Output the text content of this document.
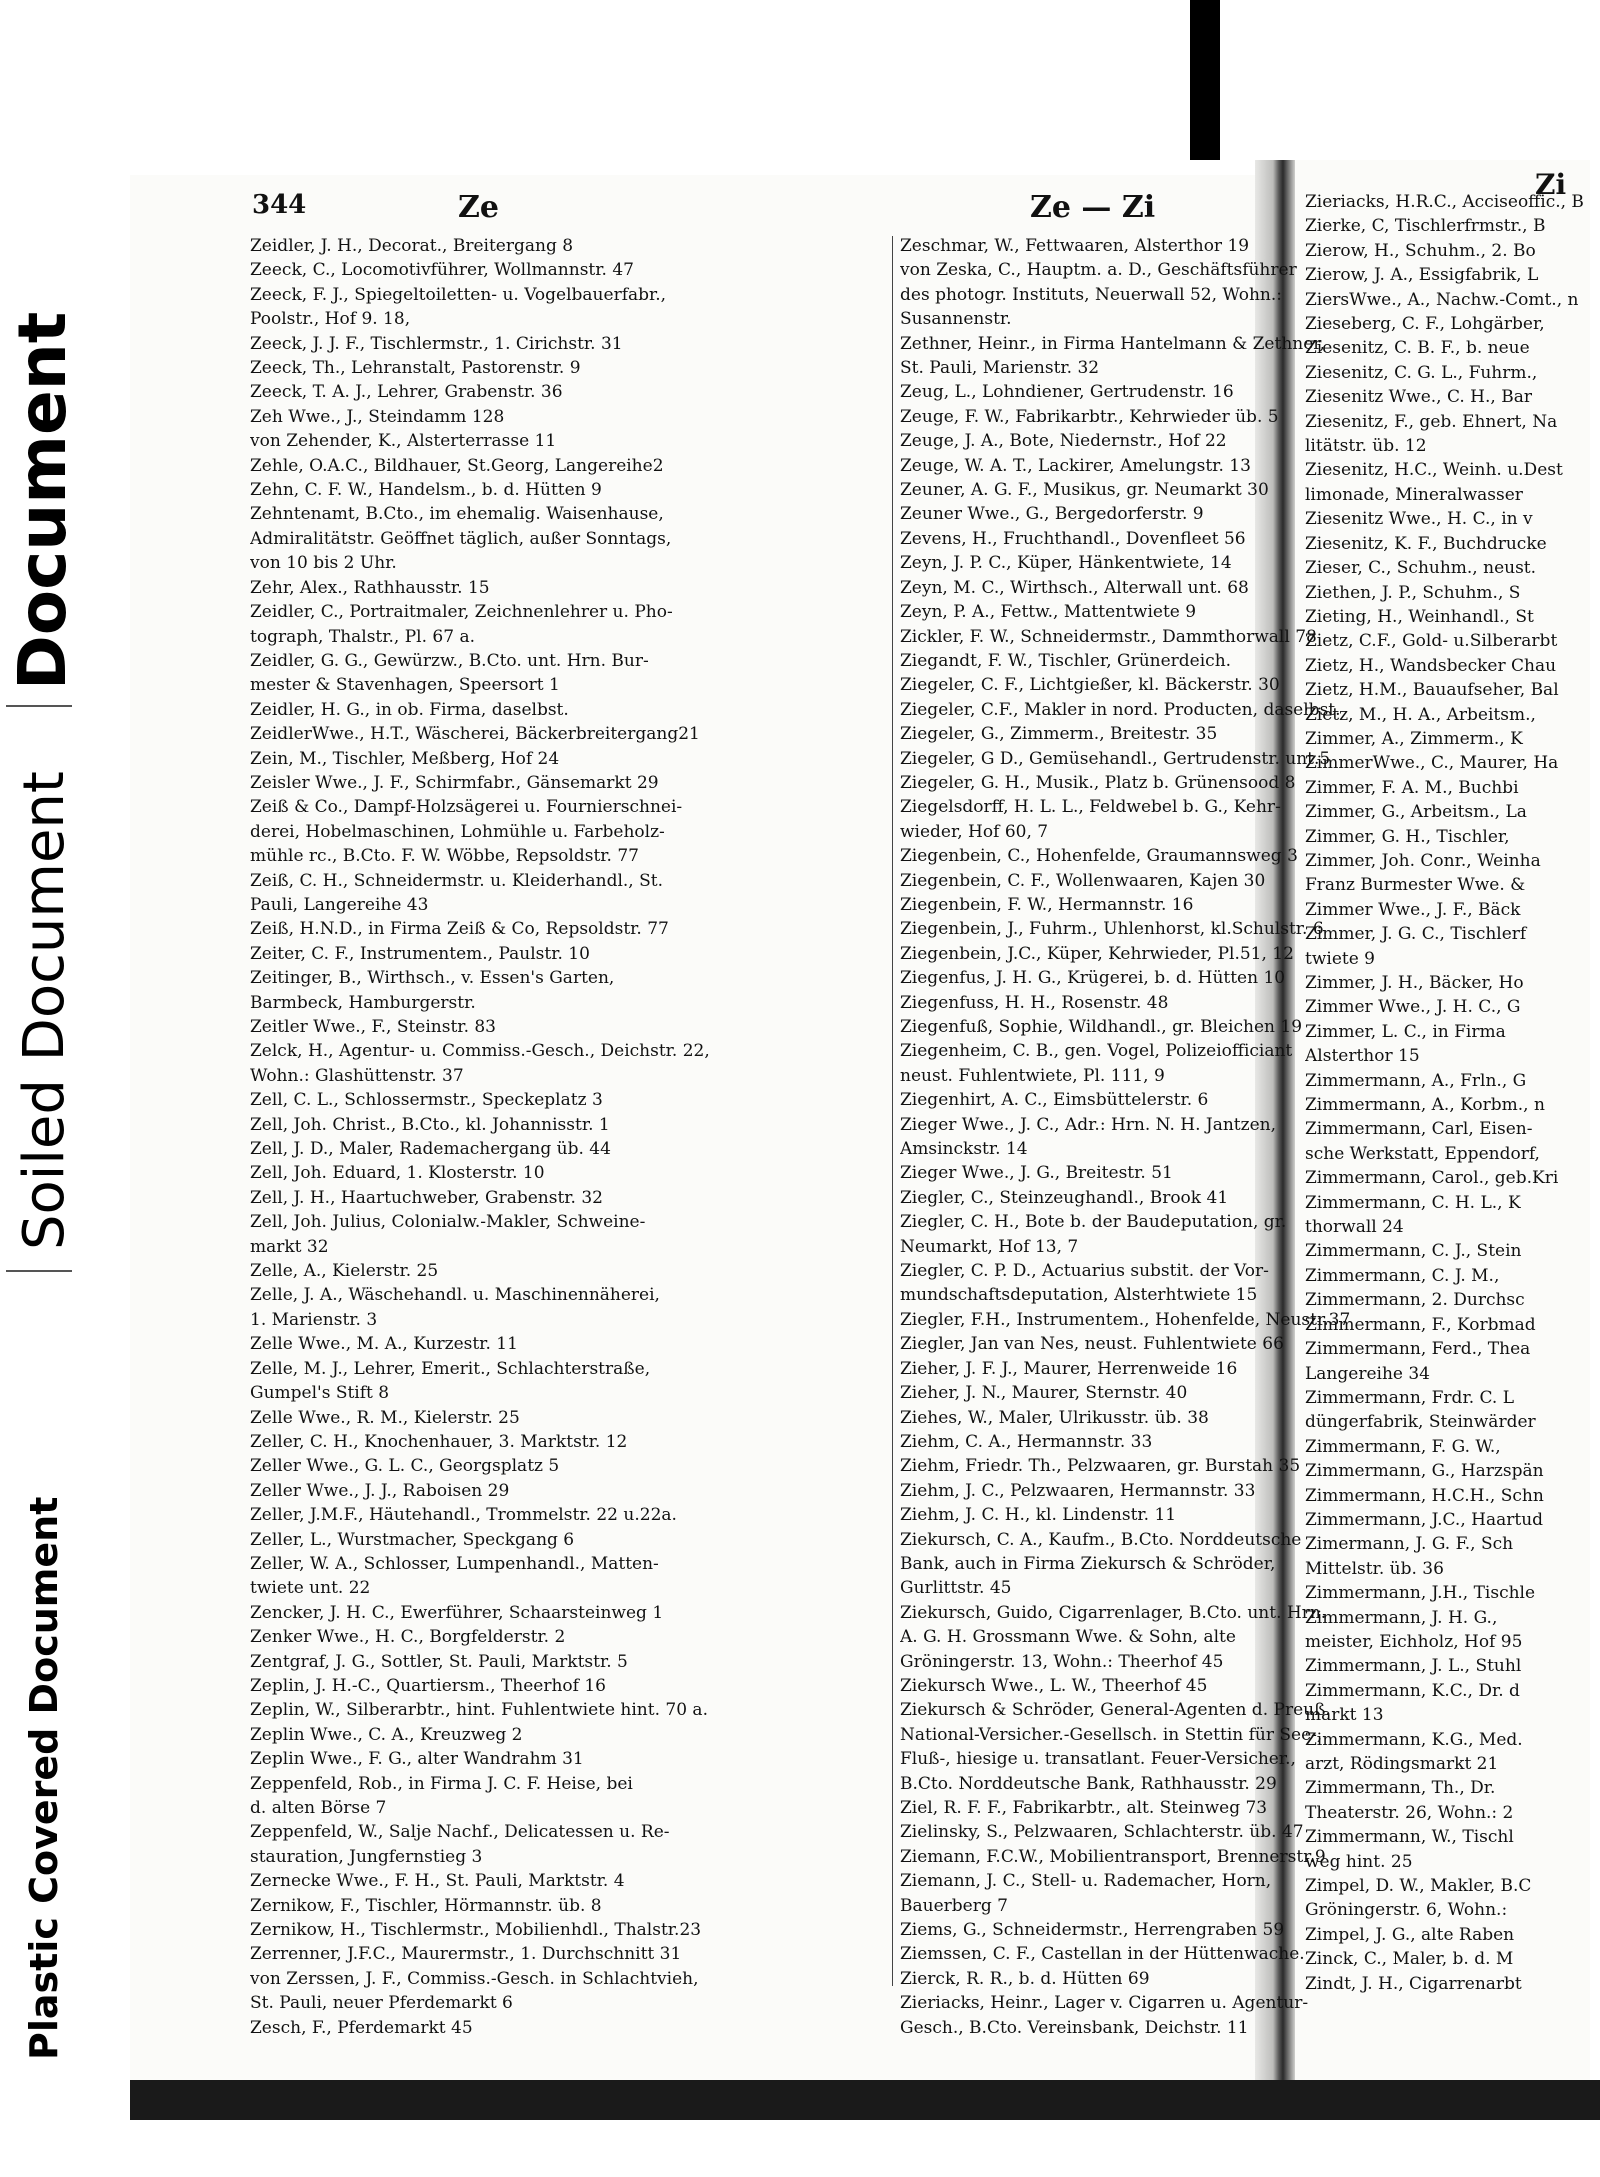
Document
Soiled Document
Plastic Covered Document
Zi
Zieriacks, H.R.C., Acciseoffic., B
Zierke, C, Tischlerfrmstr., B
Zierow, H., Schuhm., 2. Bo
Zierow, J. A., Essigfabrik, L
ZiersWwe., A., Nachw.-Comt., n
Zieseberg, C. F., Lohgärber,
Ziesenitz, C. B. F., b. neue
Ziesenitz, C. G. L., Fuhrm.,
Ziesenitz Wwe., C. H., Bar
Ziesenitz, F., geb. Ehnert, Na
litätstr. üb. 12
Ziesenitz, H.C., Weinh. u.Dest
limonade, Mineralwasser
Ziesenitz Wwe., H. C., in v
Ziesenitz, K. F., Buchdrucke
Zieser, C., Schuhm., neust.
Ziethen, J. P., Schuhm., S
Zieting, H., Weinhandl., St
Zietz, C.F., Gold- u.Silberarbt
Zietz, H., Wandsbecker Chau
Zietz, H.M., Bauaufseher, Bal
Zietz, M., H. A., Arbeitsm.,
Zimmer, A., Zimmerm., K
ZimmerWwe., C., Maurer, Ha
Zimmer, F. A. M., Buchbi
Zimmer, G., Arbeitsm., La
Zimmer, G. H., Tischler,
Zimmer, Joh. Conr., Weinha
Franz Burmester Wwe. &
Zimmer Wwe., J. F., Bäck
Zimmer, J. G. C., Tischlerf
twiete 9
Zimmer, J. H., Bäcker, Ho
Zimmer Wwe., J. H. C., G
Zimmer, L. C., in Firma
Alsterthor 15
Zimmermann, A., Frln., G
Zimmermann, A., Korbm., n
Zimmermann, Carl, Eisen-
sche Werkstatt, Eppendorf,
Zimmermann, Carol., geb.Kri
Zimmermann, C. H. L., K
thorwall 24
Zimmermann, C. J., Stein
Zimmermann, C. J. M.,
Zimmermann, 2. Durchsc
Zimmermann, F., Korbmad
Zimmermann, Ferd., Thea
Langereihe 34
Zimmermann, Frdr. C. L
düngerfabrik, Steinwärder
Zimmermann, F. G. W.,
Zimmermann, G., Harzspän
Zimmermann, H.C.H., Schn
Zimmermann, J.C., Haartud
Zimermann, J. G. F., Sch
Mittelstr. üb. 36
Zimmermann, J.H., Tischle
Zimmermann, J. H. G.,
meister, Eichholz, Hof 95
Zimmermann, J. L., Stuhl
Zimmermann, K.C., Dr. d
markt 13
Zimmermann, K.G., Med.
arzt, Rödingsmarkt 21
Zimmermann, Th., Dr.
Theaterstr. 26, Wohn.: 2
Zimmermann, W., Tischl
weg hint. 25
Zimpel, D. W., Makler, B.C
Gröningerstr. 6, Wohn.:
Zimpel, J. G., alte Raben
Zinck, C., Maler, b. d. M
Zindt, J. H., Cigarrenarbt
344	Ze	Ze — Zi
Zeidler, J. H., Decorat., Breitergang 8
Zeeck, C., Locomotivführer, Wollmannstr. 47
Zeeck, F. J., Spiegeltoiletten- u. Vogelbauerfabr.,
Poolstr., Hof 9. 18,
Zeeck, J. J. F., Tischlermstr., 1. Cirichstr. 31
Zeeck, Th., Lehranstalt, Pastorenstr. 9
Zeeck, T. A. J., Lehrer, Grabenstr. 36
Zeh Wwe., J., Steindamm 128
von Zehender, K., Alsterterrasse 11
Zehle, O.A.C., Bildhauer, St.Georg, Langereihe2
Zehn, C. F. W., Handelsm., b. d. Hütten 9
Zehntenamt, B.Cto., im ehemalig. Waisenhause,
Admiralitätstr. Geöffnet täglich, außer Sonntags,
von 10 bis 2 Uhr.
Zehr, Alex., Rathhausstr. 15
Zeidler, C., Portraitmaler, Zeichnenlehrer u. Pho-
tograph, Thalstr., Pl. 67 a.
Zeidler, G. G., Gewürzw., B.Cto. unt. Hrn. Bur-
mester & Stavenhagen, Speersort 1
Zeidler, H. G., in ob. Firma, daselbst.
ZeidlerWwe., H.T., Wäscherei, Bäckerbreitergang21
Zein, M., Tischler, Meßberg, Hof 24
Zeisler Wwe., J. F., Schirmfabr., Gänsemarkt 29
Zeiß & Co., Dampf-Holzsägerei u. Fournierschnei-
derei, Hobelmaschinen, Lohmühle u. Farbeholz-
mühle rc., B.Cto. F. W. Wöbbe, Repsoldstr. 77
Zeiß, C. H., Schneidermstr. u. Kleiderhandl., St.
Pauli, Langereihe 43
Zeiß, H.N.D., in Firma Zeiß & Co, Repsoldstr. 77
Zeiter, C. F., Instrumentem., Paulstr. 10
Zeitinger, B., Wirthsch., v. Essen's Garten,
Barmbeck, Hamburgerstr.
Zeitler Wwe., F., Steinstr. 83
Zelck, H., Agentur- u. Commiss.-Gesch., Deichstr. 22,
Wohn.: Glashüttenstr. 37
Zell, C. L., Schlossermstr., Speckeplatz 3
Zell, Joh. Christ., B.Cto., kl. Johannisstr. 1
Zell, J. D., Maler, Rademachergang üb. 44
Zell, Joh. Eduard, 1. Klosterstr. 10
Zell, J. H., Haartuchweber, Grabenstr. 32
Zell, Joh. Julius, Colonialw.-Makler, Schweine-
markt 32
Zelle, A., Kielerstr. 25
Zelle, J. A., Wäschehandl. u. Maschinennäherei,
1. Marienstr. 3
Zelle Wwe., M. A., Kurzestr. 11
Zelle, M. J., Lehrer, Emerit., Schlachterstraße,
Gumpel's Stift 8
Zelle Wwe., R. M., Kielerstr. 25
Zeller, C. H., Knochenhauer, 3. Marktstr. 12
Zeller Wwe., G. L. C., Georgsplatz 5
Zeller Wwe., J. J., Raboisen 29
Zeller, J.M.F., Häutehandl., Trommelstr. 22 u.22a.
Zeller, L., Wurstmacher, Speckgang 6
Zeller, W. A., Schlosser, Lumpenhandl., Matten-
twiete unt. 22
Zencker, J. H. C., Ewerführer, Schaarsteinweg 1
Zenker Wwe., H. C., Borgfelderstr. 2
Zentgraf, J. G., Sottler, St. Pauli, Marktstr. 5
Zeplin, J. H.-C., Quartiersm., Theerhof 16
Zeplin, W., Silberarbtr., hint. Fuhlentwiete hint. 70 a.
Zeplin Wwe., C. A., Kreuzweg 2
Zeplin Wwe., F. G., alter Wandrahm 31
Zeppenfeld, Rob., in Firma J. C. F. Heise, bei
d. alten Börse 7
Zeppenfeld, W., Salje Nachf., Delicatessen u. Re-
stauration, Jungfernstieg 3
Zernecke Wwe., F. H., St. Pauli, Marktstr. 4
Zernikow, F., Tischler, Hörmannstr. üb. 8
Zernikow, H., Tischlermstr., Mobilienhdl., Thalstr.23
Zerrenner, J.F.C., Maurermstr., 1. Durchschnitt 31
von Zerssen, J. F., Commiss.-Gesch. in Schlachtvieh,
St. Pauli, neuer Pferdemarkt 6
Zesch, F., Pferdemarkt 45
Zeschmar, W., Fettwaaren, Alsterthor 19
von Zeska, C., Hauptm. a. D., Geschäftsführer
des photogr. Instituts, Neuerwall 52, Wohn.:
Susannenstr.
Zethner, Heinr., in Firma Hantelmann & Zethner,
St. Pauli, Marienstr. 32
Zeug, L., Lohndiener, Gertrudenstr. 16
Zeuge, F. W., Fabrikarbtr., Kehrwieder üb. 5
Zeuge, J. A., Bote, Niedernstr., Hof 22
Zeuge, W. A. T., Lackirer, Amelungstr. 13
Zeuner, A. G. F., Musikus, gr. Neumarkt 30
Zeuner Wwe., G., Bergedorferstr. 9
Zevens, H., Fruchthandl., Dovenfleet 56
Zeyn, J. P. C., Küper, Hänkentwiete, 14
Zeyn, M. C., Wirthsch., Alterwall unt. 68
Zeyn, P. A., Fettw., Mattentwiete 9
Zickler, F. W., Schneidermstr., Dammthorwall 78
Ziegandt, F. W., Tischler, Grünerdeich.
Ziegeler, C. F., Lichtgießer, kl. Bäckerstr. 30
Ziegeler, C.F., Makler in nord. Producten, daselbst.
Ziegeler, G., Zimmerm., Breitestr. 35
Ziegeler, G D., Gemüsehandl., Gertrudenstr. unt.5
Ziegeler, G. H., Musik., Platz b. Grünensood 8
Ziegelsdorff, H. L. L., Feldwebel b. G., Kehr-
wieder, Hof 60, 7
Ziegenbein, C., Hohenfelde, Graumannsweg 3
Ziegenbein, C. F., Wollenwaaren, Kajen 30
Ziegenbein, F. W., Hermannstr. 16
Ziegenbein, J., Fuhrm., Uhlenhorst, kl.Schulstr. 6
Ziegenbein, J.C., Küper, Kehrwieder, Pl.51, 12
Ziegenfus, J. H. G., Krügerei, b. d. Hütten 10
Ziegenfuss, H. H., Rosenstr. 48
Ziegenfuß, Sophie, Wildhandl., gr. Bleichen 19
Ziegenheim, C. B., gen. Vogel, Polizeiofficiant
neust. Fuhlentwiete, Pl. 111, 9
Ziegenhirt, A. C., Eimsbüttelerstr. 6
Zieger Wwe., J. C., Adr.: Hrn. N. H. Jantzen,
Amsinckstr. 14
Zieger Wwe., J. G., Breitestr. 51
Ziegler, C., Steinzeughandl., Brook 41
Ziegler, C. H., Bote b. der Baudeputation, gr.
Neumarkt, Hof 13, 7
Ziegler, C. P. D., Actuarius substit. der Vor-
mundschaftsdeputation, Alsterhtwiete 15
Ziegler, F.H., Instrumentem., Hohenfelde, Neustr.37
Ziegler, Jan van Nes, neust. Fuhlentwiete 66
Zieher, J. F. J., Maurer, Herrenweide 16
Zieher, J. N., Maurer, Sternstr. 40
Ziehes, W., Maler, Ulrikusstr. üb. 38
Ziehm, C. A., Hermannstr. 33
Ziehm, Friedr. Th., Pelzwaaren, gr. Burstah 35
Ziehm, J. C., Pelzwaaren, Hermannstr. 33
Ziehm, J. C. H., kl. Lindenstr. 11
Ziekursch, C. A., Kaufm., B.Cto. Norddeutsche
Bank, auch in Firma Ziekursch & Schröder,
Gurlittstr. 45
Ziekursch, Guido, Cigarrenlager, B.Cto. unt. Hrn.
A. G. H. Grossmann Wwe. & Sohn, alte
Gröningerstr. 13, Wohn.: Theerhof 45
Ziekursch Wwe., L. W., Theerhof 45
Ziekursch & Schröder, General-Agenten d. Preuß.
National-Versicher.-Gesellsch. in Stettin für See-,
Fluß-, hiesige u. transatlant. Feuer-Versicher.,
B.Cto. Norddeutsche Bank, Rathhausstr. 29
Ziel, R. F. F., Fabrikarbtr., alt. Steinweg 73
Zielinsky, S., Pelzwaaren, Schlachterstr. üb. 47
Ziemann, F.C.W., Mobilientransport, Brennerstr.9
Ziemann, J. C., Stell- u. Rademacher, Horn,
Bauerberg 7
Ziems, G., Schneidermstr., Herrengraben 59
Ziemssen, C. F., Castellan in der Hüttenwache.
Zierck, R. R., b. d. Hütten 69
Zieriacks, Heinr., Lager v. Cigarren u. Agentur-
Gesch., B.Cto. Vereinsbank, Deichstr. 11
